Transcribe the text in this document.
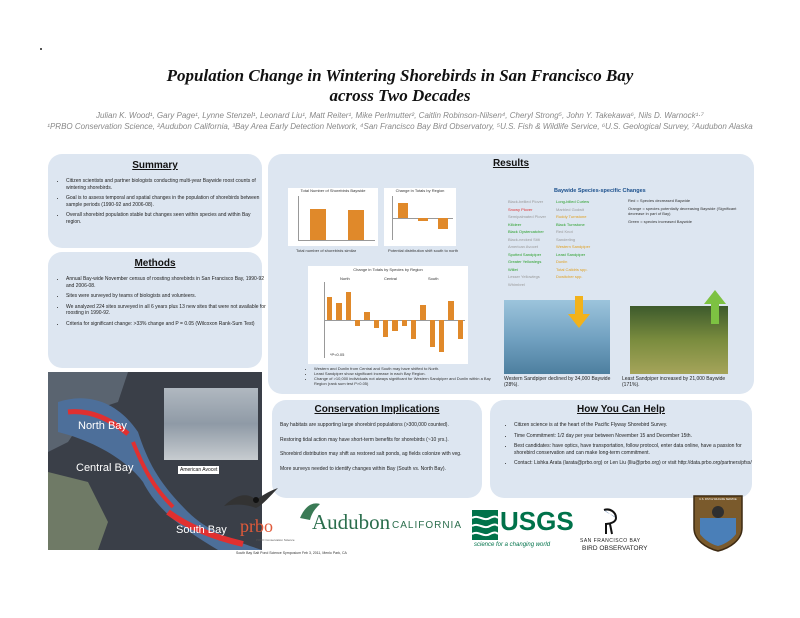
Population Change in Wintering Shorebirds in San Francisco Bay
across Two Decades
Julian K. Wood¹, Gary Page¹, Lynne Stenzel¹, Leonard Liu¹, Matt Reiter¹, Mike Perlmutter², Caitlin Robinson-Nilsen⁴, Cheryl Strong⁵, John Y. Takekawa⁶, Nils D. Warnock¹·⁷
¹PRBO Conservation Science, ²Audubon California, ³Bay Area Early Detection Network, ⁴San Francisco Bay Bird Observatory, ⁵U.S. Fish & Wildlife Service, ⁶U.S. Geological Survey, ⁷Audubon Alaska
Summary
• Citizen scientists and partner biologists conducting multi-year Baywide roost counts of wintering shorebirds.
• Goal is to assess temporal and spatial changes in the population of shorebirds between sample periods (1990-92 and 2006-08).
• Overall shorebird population stable but changes seen within species and within Bay region.
Methods
• Annual Bay-wide November census of roosting shorebirds in San Francisco Bay, 1990-92 and 2006-08.
• Sites were surveyed by teams of biologists and volunteers.
• We analyzed 224 sites surveyed in all 6 years plus 13 new sites that were not available for roosting in 1990-92.
• Criteria for significant change: >33% change and P = 0.05 (Wilcoxon Rank-Sum Test)
North Bay
Central Bay
South Bay
American Avocet
Results
Total Number of Shorebirds Baywide
Total number of shorebirds similar
Change in Totals by Region
Potential distribution shift south to north
Change in Totals by Species by Region
North	Central	South
*P<0.05
• Western and Dunlin from Central and South may have shifted to North.
• Least Sandpiper show significant increase in each Bay Region.
• Change of >10,000 individuals not always significant for Western Sandpiper and Dunlin within a Bay Region (rank sum test P>0.05)
Baywide Species-specific Changes
Black-bellied Plover
Snowy Plover
Semipalmated Plover
Killdeer
Black Oystercatcher
Black-necked Stilt
American Avocet
Spotted Sandpiper
Greater Yellowlegs
Willet
Lesser Yellowlegs
Whimbrel
Long-billed Curlew
Marbled Godwit
Ruddy Turnstone
Black Turnstone
Red Knot
Sanderling
Western Sandpiper
Least Sandpiper
Dunlin
Total Calidris spp.
Dowitcher spp.
Red = Species decreased Baywide
Orange = species potentially decreasing Baywide (Significant decrease in part of Bay)
Green = species increased Baywide
Western Sandpiper declined by 34,000 Baywide (28%).
Least Sandpiper increased by 21,000 Baywide (171%).
Conservation Implications
Bay habitats are supporting large shorebird populations (>300,000 counted).
Restoring tidal action may have short-term benefits for shorebirds (~10 yrs.).
Shorebird distribution may shift as restored salt ponds, ag fields colonize with veg.
More surveys needed to identify changes within Bay (South vs. North Bay).
How You Can Help
• Citizen science is at the heart of the Pacific Flyway Shorebird Survey.
• Time Commitment: 1/2 day per year between November 15 and December 15th.
• Best candidates: have optics, have transportation, follow protocol, enter data online, have a passion for shorebird conservation and can make long-term commitment.
• Contact: Lishka Arata (larata@prbo.org) or Len Liu (lliu@prbo.org) or visit http://data.prbo.org/partners/pfss/
prbo
PRBO Conservation Science
Audubon CALIFORNIA USGS
science for a changing world
SAN FRANCISCO BAY
BIRD OBSERVATORY
U.S. FISH & WILDLIFE SERVICE
South Bay Salt Pond Science Symposium Feb 3, 2011, Menlo Park, CA
